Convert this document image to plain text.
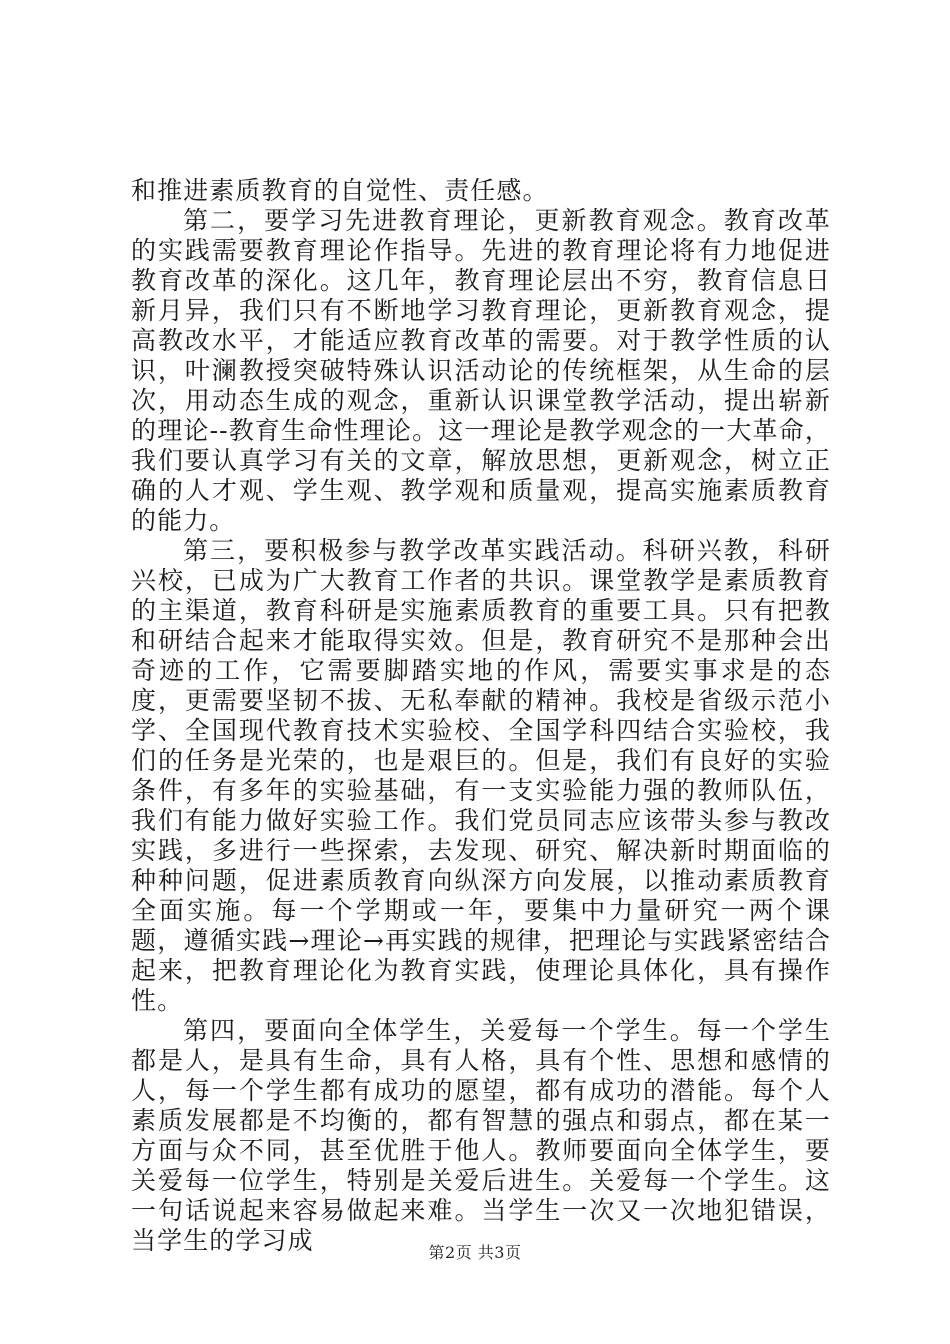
和推进素质教育的自觉性、责任感。

第二，要学习先进教育理论，更新教育观念。教育改革的实践需要教育理论作指导。先进的教育理论将有力地促进教育改革的深化。这几年，教育理论层出不穷，教育信息日新月异，我们只有不断地学习教育理论，更新教育观念，提高教改水平，才能适应教育改革的需要。对于教学性质的认识，叶澜教授突破特殊认识活动论的传统框架，从生命的层次，用动态生成的观念，重新认识课堂教学活动，提出崭新的理论--教育生命性理论。这一理论是教学观念的一大革命，我们要认真学习有关的文章，解放思想，更新观念，树立正确的人才观、学生观、教学观和质量观，提高实施素质教育的能力。

第三，要积极参与教学改革实践活动。科研兴教，科研兴校，已成为广大教育工作者的共识。课堂教学是素质教育的主渠道，教育科研是实施素质教育的重要工具。只有把教和研结合起来才能取得实效。但是，教育研究不是那种会出奇迹的工作，它需要脚踏实地的作风，需要实事求是的态度，更需要坚韧不拔、无私奉献的精神。我校是省级示范小学、全国现代教育技术实验校、全国学科四结合实验校，我们的任务是光荣的，也是艰巨的。但是，我们有良好的实验条件，有多年的实验基础，有一支实验能力强的教师队伍，我们有能力做好实验工作。我们党员同志应该带头参与教改实践，多进行一些探索，去发现、研究、解决新时期面临的种种问题，促进素质教育向纵深方向发展，以推动素质教育全面实施。每一个学期或一年，要集中力量研究一两个课题，遵循实践→理论→再实践的规律，把理论与实践紧密结合起来，把教育理论化为教育实践，使理论具体化，具有操作性。

第四，要面向全体学生，关爱每一个学生。每一个学生都是人，是具有生命，具有人格，具有个性、思想和感情的人，每一个学生都有成功的愿望，都有成功的潜能。每个人素质发展都是不均衡的，都有智慧的强点和弱点，都在某一方面与众不同，甚至优胜于他人。教师要面向全体学生，要关爱每一位学生，特别是关爱后进生。关爱每一个学生。这一句话说起来容易做起来难。当学生一次又一次地犯错误，当学生的学习成	第2页 共3页
